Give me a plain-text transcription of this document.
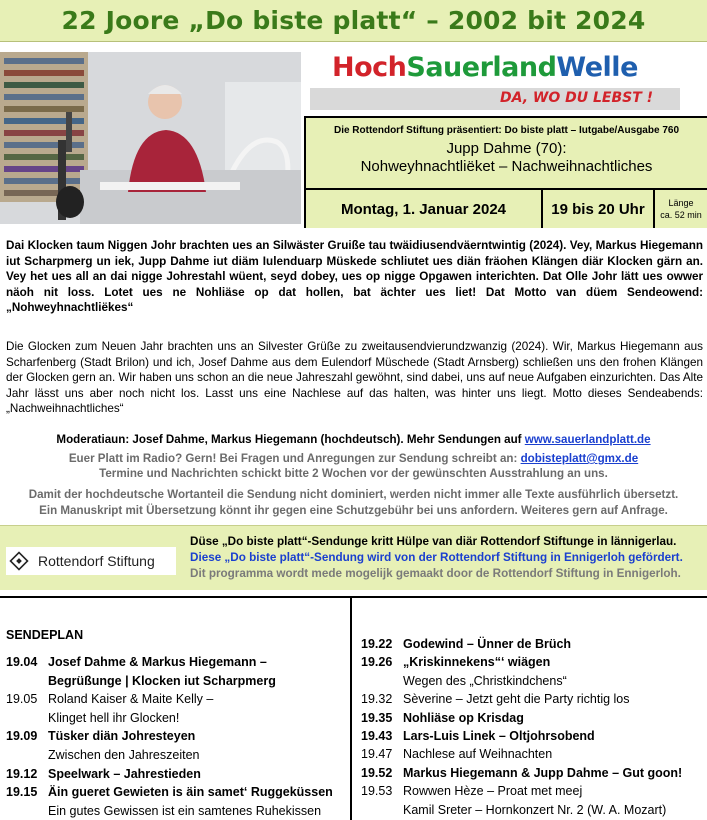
22 Joore „Do biste platt“ – 2002 bit 2024
HochSauerlandWelle
DA, WO DU LEBST !
Die Rottendorf Stiftung präsentiert: Do biste platt – Iutgabe/Ausgabe 760
Jupp Dahme (70):
Nohweyhnachtliëket – Nachweihnachtliches
Montag, 1. Januar 2024	19 bis 20 Uhr	Länge
ca. 52 min

Dai Klocken taum Niggen Johr brachten ues an Silwäster Gruiße tau twäidiusendväerntwintig (2024). Vey, Markus Hiegemann iut Scharpmerg un iek, Jupp Dahme iut diäm Iulenduarp Müskede schliutet ues diän fräohen Klängen diär Klocken gärn an. Vey het ues all an dai nigge Johrestahl wüent, seyd dobey, ues op nigge Opgawen interichten. Dat Olle Johr lätt ues owwer näoh nit loss. Lotet ues ne Nohliäse op dat hollen, bat ächter ues liet! Dat Motto van düem Sendeowend: „Nohweyhnachtliëkes“

Die Glocken zum Neuen Jahr brachten uns an Silvester Grüße zu zweitausendvierundzwanzig (2024). Wir, Markus Hiegemann aus Scharfenberg (Stadt Brilon) und ich, Josef Dahme aus dem Eulendorf Müschede (Stadt Arnsberg) schließen uns den frohen Klängen der Glocken gern an. Wir haben uns schon an die neue Jahreszahl gewöhnt, sind dabei, uns auf neue Aufgaben einzurichten. Das Alte Jahr lässt uns aber noch nicht los. Lasst uns eine Nachlese auf das halten, was hinter uns liegt. Motto dieses Sendeabends: „Nachweihnachtliches“

Moderatiaun: Josef Dahme, Markus Hiegemann (hochdeutsch). Mehr Sendungen auf www.sauerlandplatt.de
Euer Platt im Radio? Gern! Bei Fragen und Anregungen zur Sendung schreibt an: dobisteplatt@gmx.de
Termine und Nachrichten schickt bitte 2 Wochen vor der gewünschten Ausstrahlung an uns.
Damit der hochdeutsche Wortanteil die Sendung nicht dominiert, werden nicht immer alle Texte ausführlich übersetzt.
Ein Manuskript mit Übersetzung könnt ihr gegen eine Schutzgebühr bei uns anfordern. Weiteres gern auf Anfrage.
Rottendorf Stiftung
Düse „Do biste platt“-Sendunge kritt Hülpe van diär Rottendorf Stiftunge in lännigerlau.
Diese „Do biste platt“-Sendung wird von der Rottendorf Stiftung in Ennigerloh gefördert.
Dit programma wordt mede mogelijk gemaakt door de Rottendorf Stiftung in Ennigerloh.
SENDEPLAN
19.04 Josef Dahme & Markus Hiegemann –
Begrüßunge | Klocken iut Scharpmerg
19.05 Roland Kaiser & Maite Kelly –
Klinget hell ihr Glocken!
19.09 Tüsker diän Johresteyen
Zwischen den Jahreszeiten
19.12 Speelwark – Jahrestieden
19.15 Äin gueret Gewieten is äin samet‘ Ruggeküssen
Ein gutes Gewissen ist ein samtenes Ruhekissen
19.22 Godewind – Ünner de Brüch
19.26 „Kriskinnekens“‘ wiägen
Wegen des „Christkindchens“
19.32 Sèverine – Jetzt geht die Party richtig los
19.35 Nohliäse op Krisdag
19.43 Lars-Luis Linek – Oltjohrsobend
19.47 Nachlese auf Weihnachten
19.52 Markus Hiegemann & Jupp Dahme – Gut goon!
19.53 Rowwen Hèze – Proat met meej
Kamil Sreter – Hornkonzert Nr. 2 (W. A. Mozart)
